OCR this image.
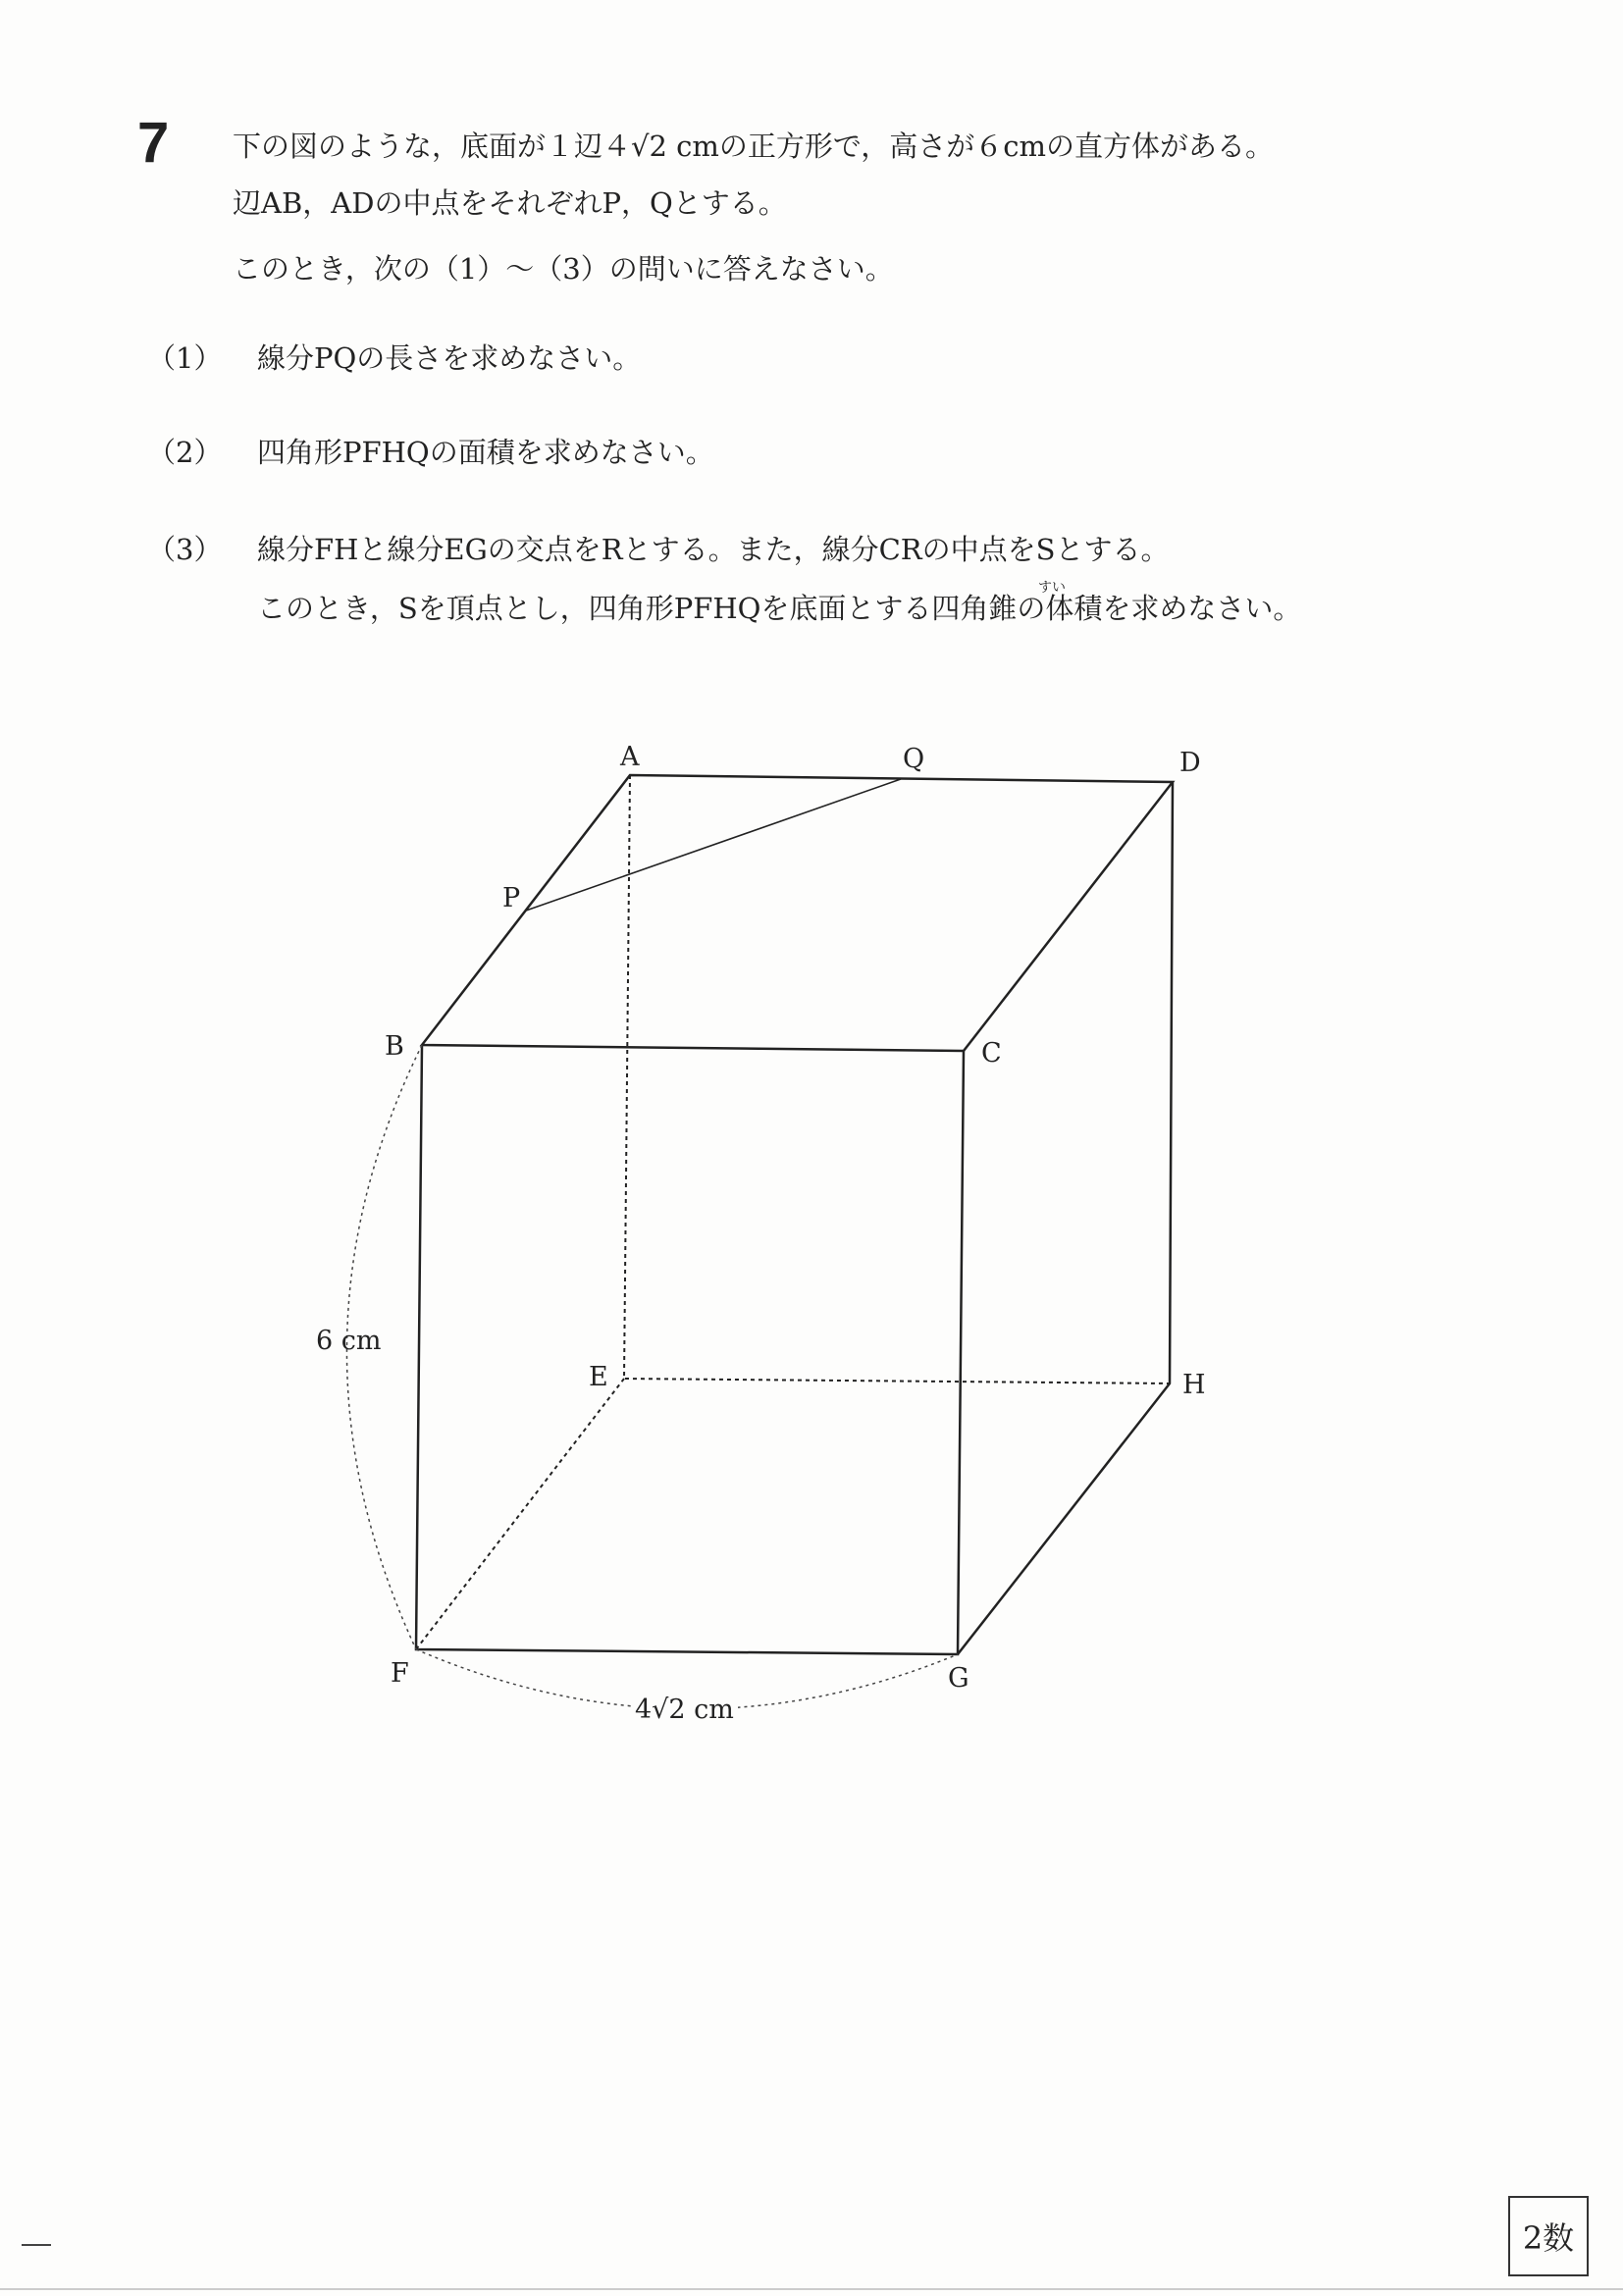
7 下の図のような，底面が１辺４√2 cmの正方形で，高さが６cmの直方体がある。
辺AB，ADの中点をそれぞれP，Qとする。
このとき，次の（1）～（3）の問いに答えなさい。
（1） 線分PQの長さを求めなさい。
（2） 四角形PFHQの面積を求めなさい。
（3） 線分FHと線分EGの交点をRとする。また，線分CRの中点をSとする。
このとき，Sを頂点とし，四角形PFHQを底面とする四角錐の体積を求めなさい。
すい
A	Q	D
P
B	C
E	H
F	G
6 cm
4√2 cm
2数
